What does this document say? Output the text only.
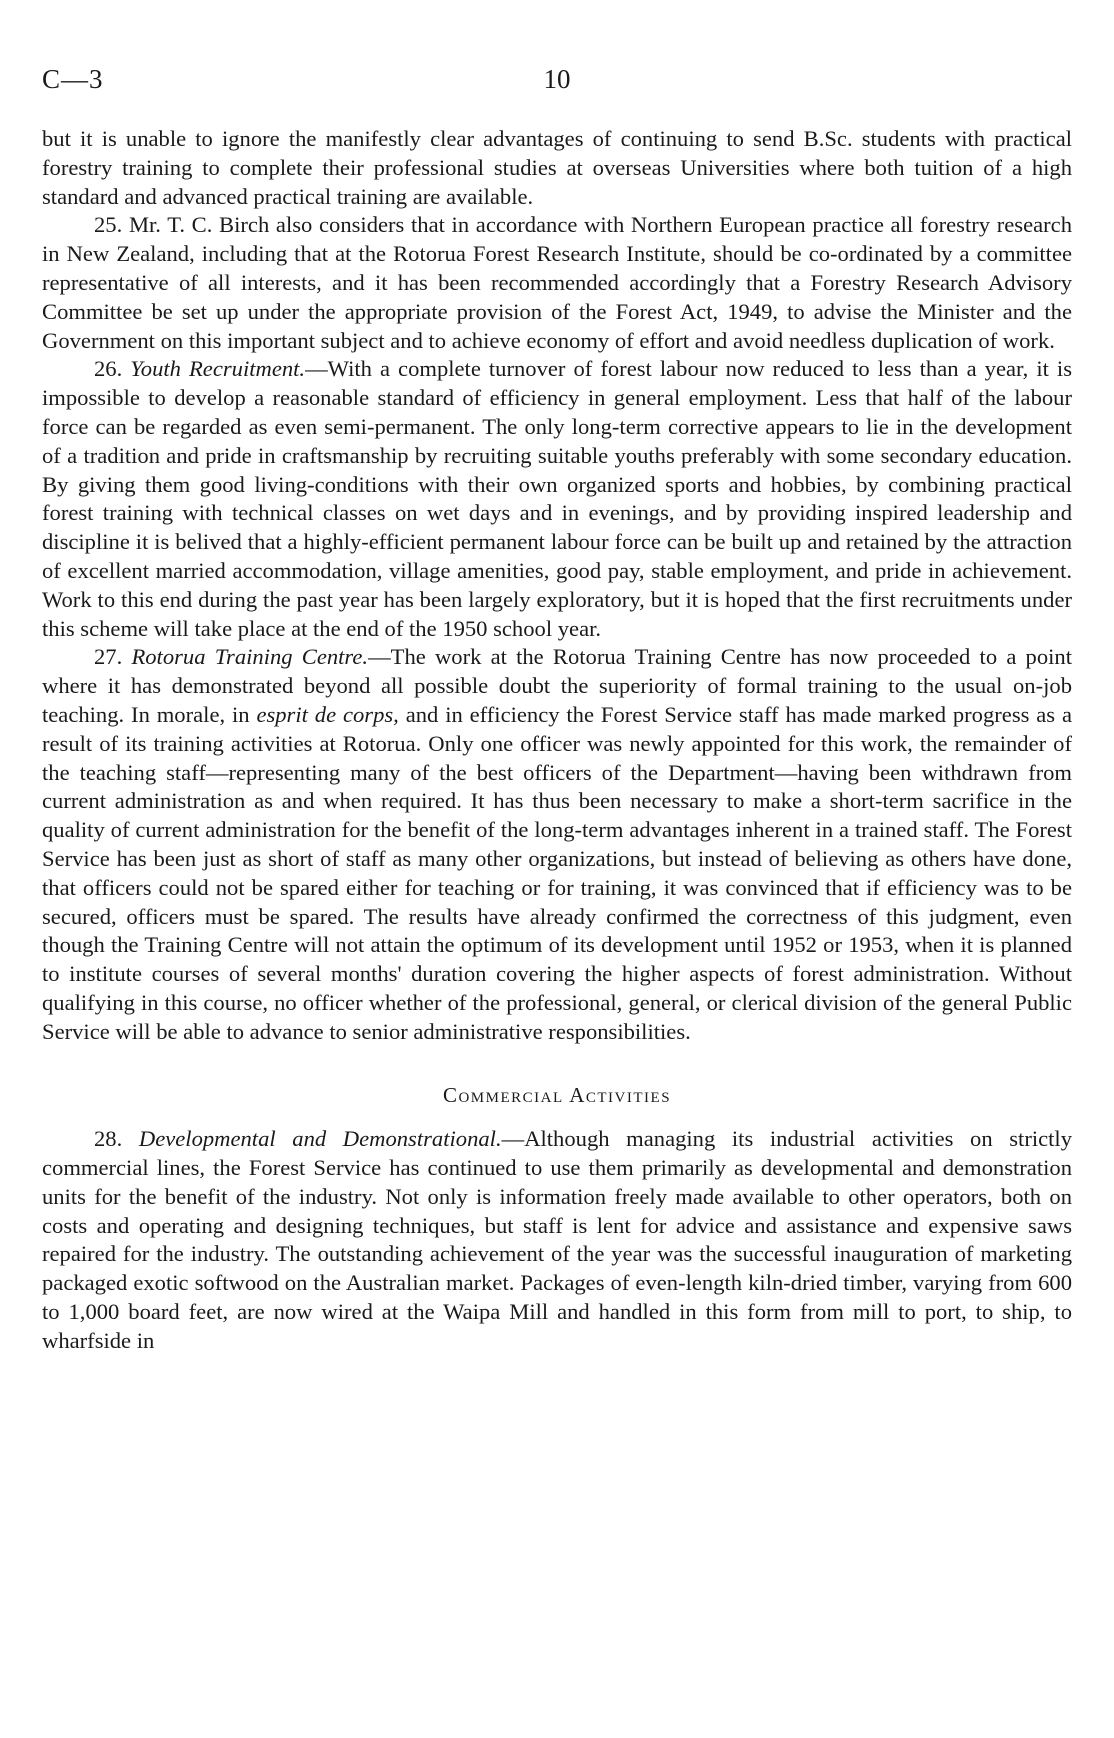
C—3	10

but it is unable to ignore the manifestly clear advantages of continuing to send B.Sc. students with practical forestry training to complete their professional studies at overseas Universities where both tuition of a high standard and advanced practical training are available.

25. Mr. T. C. Birch also considers that in accordance with Northern European practice all forestry research in New Zealand, including that at the Rotorua Forest Research Institute, should be co-ordinated by a committee representative of all interests, and it has been recommended accordingly that a Forestry Research Advisory Committee be set up under the appropriate provision of the Forest Act, 1949, to advise the Minister and the Government on this important subject and to achieve economy of effort and avoid needless duplication of work.

26. Youth Recruitment.—With a complete turnover of forest labour now reduced to less than a year, it is impossible to develop a reasonable standard of efficiency in general employment. Less that half of the labour force can be regarded as even semi-permanent. The only long-term corrective appears to lie in the development of a tradition and pride in craftsmanship by recruiting suitable youths preferably with some secondary education. By giving them good living-conditions with their own organized sports and hobbies, by combining practical forest training with technical classes on wet days and in evenings, and by providing inspired leadership and discipline it is belived that a highly-efficient permanent labour force can be built up and retained by the attraction of excellent married accommodation, village amenities, good pay, stable employment, and pride in achievement. Work to this end during the past year has been largely exploratory, but it is hoped that the first recruitments under this scheme will take place at the end of the 1950 school year.

27. Rotorua Training Centre.—The work at the Rotorua Training Centre has now proceeded to a point where it has demonstrated beyond all possible doubt the superiority of formal training to the usual on-job teaching. In morale, in esprit de corps, and in efficiency the Forest Service staff has made marked progress as a result of its training activities at Rotorua. Only one officer was newly appointed for this work, the remainder of the teaching staff—representing many of the best officers of the Department—having been withdrawn from current administration as and when required. It has thus been necessary to make a short-term sacrifice in the quality of current administration for the benefit of the long-term advantages inherent in a trained staff. The Forest Service has been just as short of staff as many other organizations, but instead of believing as others have done, that officers could not be spared either for teaching or for training, it was convinced that if efficiency was to be secured, officers must be spared. The results have already confirmed the correctness of this judgment, even though the Training Centre will not attain the optimum of its development until 1952 or 1953, when it is planned to institute courses of several months' duration covering the higher aspects of forest administration. Without qualifying in this course, no officer whether of the professional, general, or clerical division of the general Public Service will be able to advance to senior administrative responsibilities.

Commercial Activities

28. Developmental and Demonstrational.—Although managing its industrial activities on strictly commercial lines, the Forest Service has continued to use them primarily as developmental and demonstration units for the benefit of the industry. Not only is information freely made available to other operators, both on costs and operating and designing techniques, but staff is lent for advice and assistance and expensive saws repaired for the industry. The outstanding achievement of the year was the successful inauguration of marketing packaged exotic softwood on the Australian market. Packages of even-length kiln-dried timber, varying from 600 to 1,000 board feet, are now wired at the Waipa Mill and handled in this form from mill to port, to ship, to wharfside in
